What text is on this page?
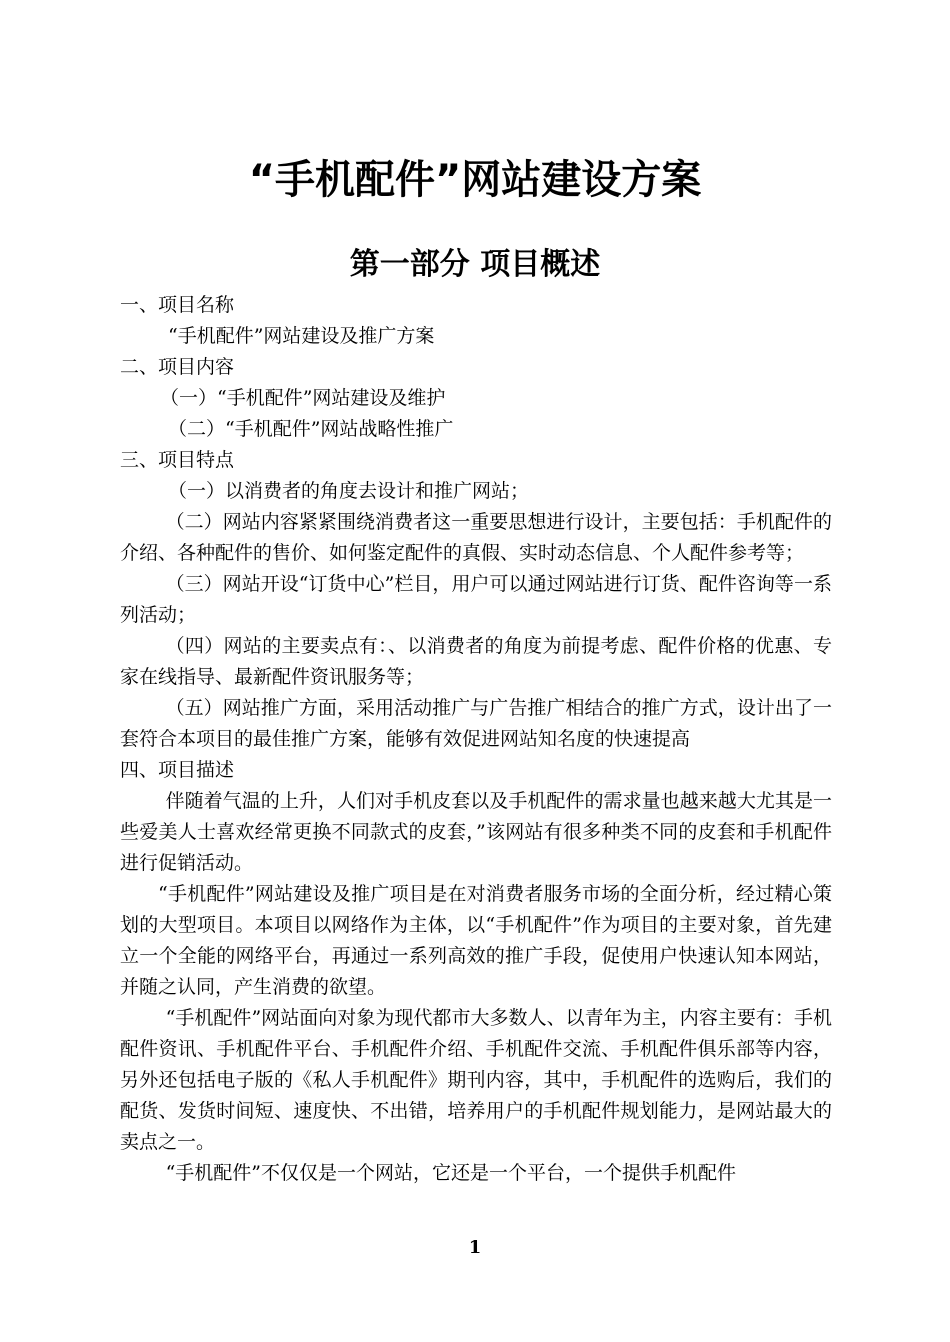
“手机配件”网站建设方案
第一部分 项目概述

一、项目名称

“手机配件”网站建设及推广方案

二、项目内容

（一）“手机配件”网站建设及维护

（二）“手机配件”网站战略性推广

三、项目特点

（一）以消费者的角度去设计和推广网站；

（二）网站内容紧紧围绕消费者这一重要思想进行设计，主要包括：手机配件的介绍、各种配件的售价、如何鉴定配件的真假、实时动态信息、个人配件参考等；

（三）网站开设“订货中心”栏目，用户可以通过网站进行订货、配件咨询等一系列活动；

（四）网站的主要卖点有：、以消费者的角度为前提考虑、配件价格的优惠、专家在线指导、最新配件资讯服务等；

（五）网站推广方面，采用活动推广与广告推广相结合的推广方式，设计出了一套符合本项目的最佳推广方案，能够有效促进网站知名度的快速提高

四、项目描述

伴随着气温的上升，人们对手机皮套以及手机配件的需求量也越来越大尤其是一些爱美人士喜欢经常更换不同款式的皮套，”该网站有很多种类不同的皮套和手机配件进行促销活动。

“手机配件”网站建设及推广项目是在对消费者服务市场的全面分析，经过精心策划的大型项目。本项目以网络作为主体，以“手机配件”作为项目的主要对象，首先建立一个全能的网络平台，再通过一系列高效的推广手段，促使用户快速认知本网站，并随之认同，产生消费的欲望。

“手机配件”网站面向对象为现代都市大多数人、以青年为主，内容主要有：手机配件资讯、手机配件平台、手机配件介绍、手机配件交流、手机配件俱乐部等内容，另外还包括电子版的《私人手机配件》期刊内容，其中，手机配件的选购后，我们的配货、发货时间短、速度快、不出错，培养用户的手机配件规划能力，是网站最大的卖点之一。

“手机配件”不仅仅是一个网站，它还是一个平台，一个提供手机配件

1
